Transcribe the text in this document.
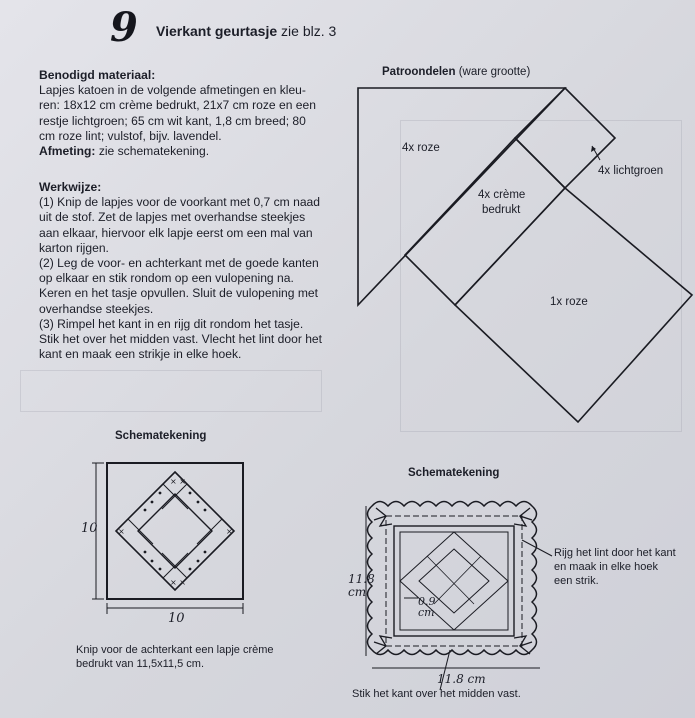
9 Vierkant geurtasje zie blz. 3

Benodigd materiaal:

Lapjes katoen in de volgende afmetingen en kleu-

ren: 18x12 cm crème bedrukt, 21x7 cm roze en een

restje lichtgroen; 65 cm wit kant, 1,8 cm breed; 80

cm roze lint; vulstof, bijv. lavendel.

Afmeting: zie schematekening.

Werkwijze:

(1) Knip de lapjes voor de voorkant met 0,7 cm naad

uit de stof. Zet de lapjes met overhandse steekjes

aan elkaar, hiervoor elk lapje eerst om een mal van

karton rijgen.

(2) Leg de voor- en achterkant met de goede kanten

op elkaar en stik rondom op een vulopening na.

Keren en het tasje opvullen. Sluit de vulopening met

overhandse steekjes.

(3) Rimpel het kant in en rijg dit rondom het tasje.

Stik het over het midden vast. Vlecht het lint door het

kant en maak een strikje in elke hoek.

Patroondelen (ware grootte)
4x roze
4x lichtgroen
4x crème
bedrukt
1x roze
Schematekening
× ×
× ×
×	×
10
10
Knip voor de achterkant een lapje crème
bedrukt van 11,5x11,5 cm.
Schematekening
11.8
cm
0.9
cm
11.8 cm
Rijg het lint door het kant
en maak in elke hoek
een strik.
Stik het kant over het midden vast.
